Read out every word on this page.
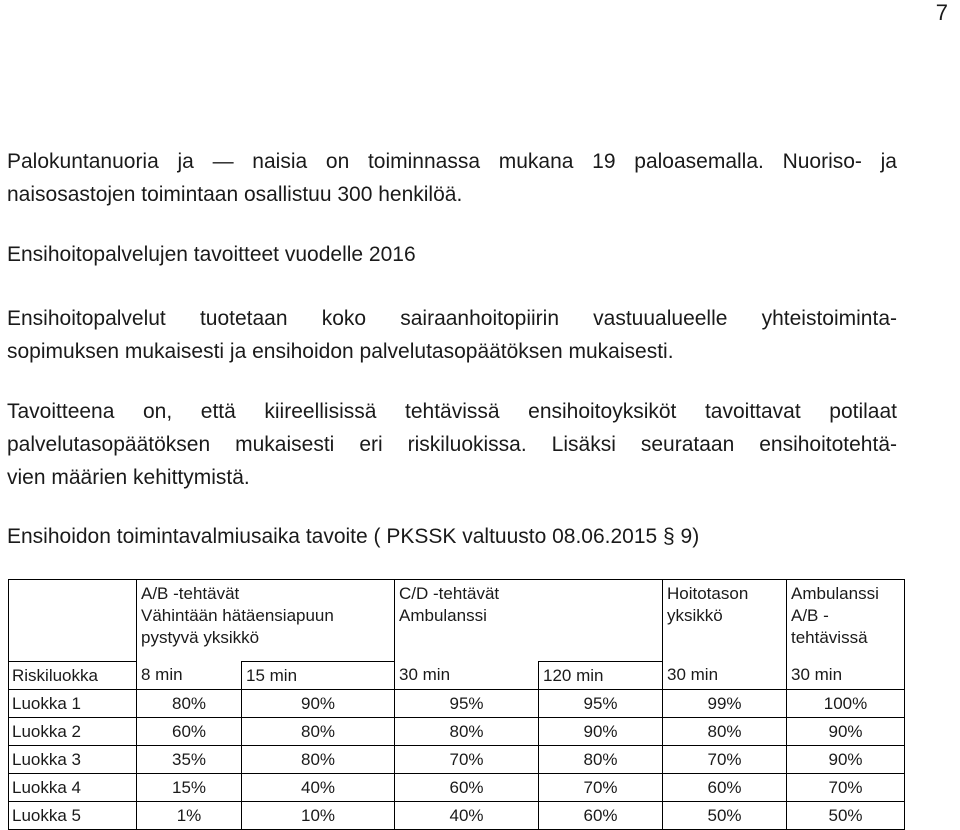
7

Palokuntanuoria ja — naisia on toiminnassa mukana 19 paloasemalla. Nuoriso- ja
naisosastojen toimintaan osallistuu 300 henkilöä.

Ensihoitopalvelujen tavoitteet vuodelle 2016

Ensihoitopalvelut tuotetaan koko sairaanhoitopiirin vastuualueelle yhteistoiminta-
sopimuksen mukaisesti ja ensihoidon palvelutasopäätöksen mukaisesti.

Tavoitteena on, että kiireellisissä tehtävissä ensihoitoyksiköt tavoittavat potilaat
palvelutasopäätöksen mukaisesti eri riskiluokissa. Lisäksi seurataan ensihoitotehtä-
vien määrien kehittymistä.

Ensihoidon toimintavalmiusaika tavoite ( PKSSK valtuusto 08.06.2015 § 9)

	A/B -tehtävät
Vähintään hätäensiapuun
pystyvä yksikkö		C/D -tehtävät
Ambulanssi		Hoitotason
yksikkö	Ambulanssi
A/B -
tehtävissä

Riskiluokka	8 min	15 min	30 min	120 min	30 min	30 min
Luokka 1	80%	90%	95%	95%	99%	100%
Luokka 2	60%	80%	80%	90%	80%	90%
Luokka 3	35%	80%	70%	80%	70%	90%
Luokka 4	15%	40%	60%	70%	60%	70%
Luokka 5	1%	10%	40%	60%	50%	50%
